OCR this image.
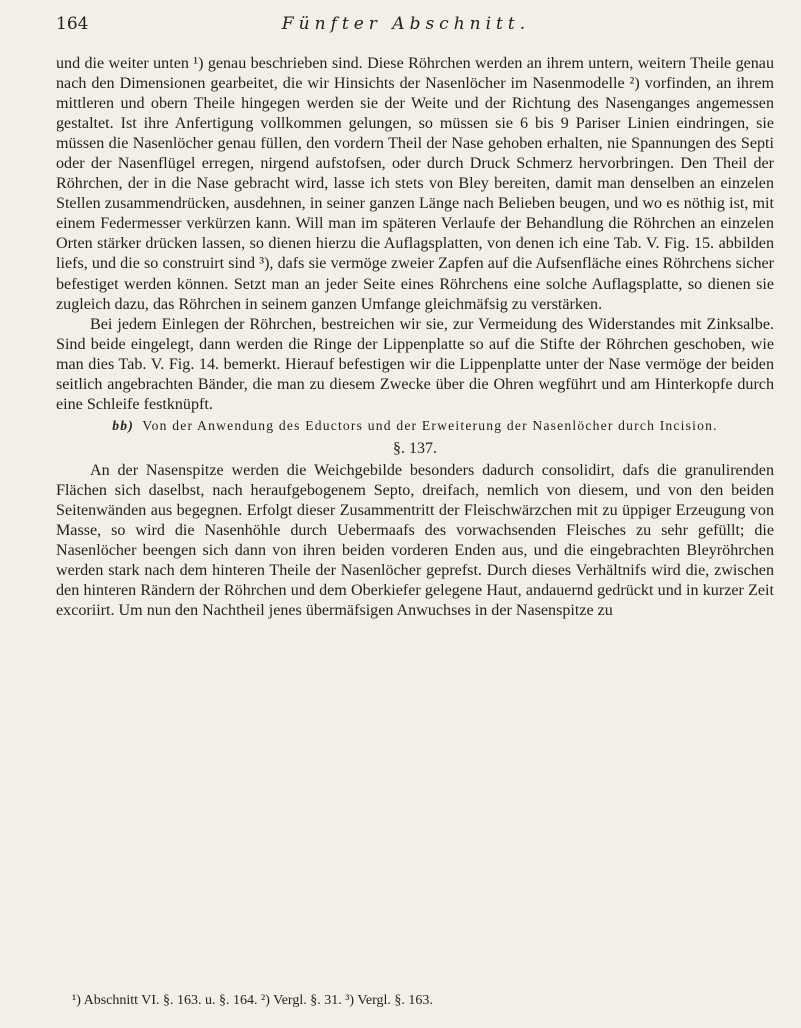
164	Fünfter Abschnitt.

und die weiter unten ¹) genau beschrieben sind. Diese Röhrchen werden an ihrem untern, weitern Theile genau nach den Dimensionen gearbeitet, die wir Hinsichts der Nasenlöcher im Nasenmodelle ²) vorfinden, an ihrem mittleren und obern Theile hingegen werden sie der Weite und der Richtung des Nasenganges angemessen gestaltet. Ist ihre Anfertigung vollkommen gelungen, so müssen sie 6 bis 9 Pariser Linien eindringen, sie müssen die Nasenlöcher genau füllen, den vordern Theil der Nase gehoben erhalten, nie Spannungen des Septi oder der Nasenflügel erregen, nirgend aufstofsen, oder durch Druck Schmerz hervorbringen. Den Theil der Röhrchen, der in die Nase gebracht wird, lasse ich stets von Bley bereiten, damit man denselben an einzelen Stellen zusammendrücken, ausdehnen, in seiner ganzen Länge nach Belieben beugen, und wo es nöthig ist, mit einem Federmesser verkürzen kann. Will man im späteren Verlaufe der Behandlung die Röhrchen an einzelen Orten stärker drücken lassen, so dienen hierzu die Auflagsplatten, von denen ich eine Tab. V. Fig. 15. abbilden liefs, und die so construirt sind ³), dafs sie vermöge zweier Zapfen auf die Aufsenfläche eines Röhrchens sicher befestiget werden können. Setzt man an jeder Seite eines Röhrchens eine solche Auflagsplatte, so dienen sie zugleich dazu, das Röhrchen in seinem ganzen Umfange gleichmäfsig zu verstärken.

Bei jedem Einlegen der Röhrchen, bestreichen wir sie, zur Vermeidung des Widerstandes mit Zinksalbe. Sind beide eingelegt, dann werden die Ringe der Lippenplatte so auf die Stifte der Röhrchen geschoben, wie man dies Tab. V. Fig. 14. bemerkt. Hierauf befestigen wir die Lippenplatte unter der Nase vermöge der beiden seitlich angebrachten Bänder, die man zu diesem Zwecke über die Ohren wegführt und am Hinterkopfe durch eine Schleife festknüpft.

bb) Von der Anwendung des Eductors und der Erweiterung der Nasenlöcher durch Incision.
§. 137.

An der Nasenspitze werden die Weichgebilde besonders dadurch consolidirt, dafs die granulirenden Flächen sich daselbst, nach heraufgebogenem Septo, dreifach, nemlich von diesem, und von den beiden Seitenwänden aus begegnen. Erfolgt dieser Zusammentritt der Fleischwärzchen mit zu üppiger Erzeugung von Masse, so wird die Nasenhöhle durch Uebermaafs des vorwachsenden Fleisches zu sehr gefüllt; die Nasenlöcher beengen sich dann von ihren beiden vorderen Enden aus, und die eingebrachten Bleyröhrchen werden stark nach dem hinteren Theile der Nasenlöcher geprefst. Durch dieses Verhältnifs wird die, zwischen den hinteren Rändern der Röhrchen und dem Oberkiefer gelegene Haut, andauernd gedrückt und in kurzer Zeit excoriirt. Um nun den Nachtheil jenes übermäfsigen Anwuchses in der Nasenspitze zu

¹) Abschnitt VI. §. 163. u. §. 164. ²) Vergl. §. 31. ³) Vergl. §. 163.
